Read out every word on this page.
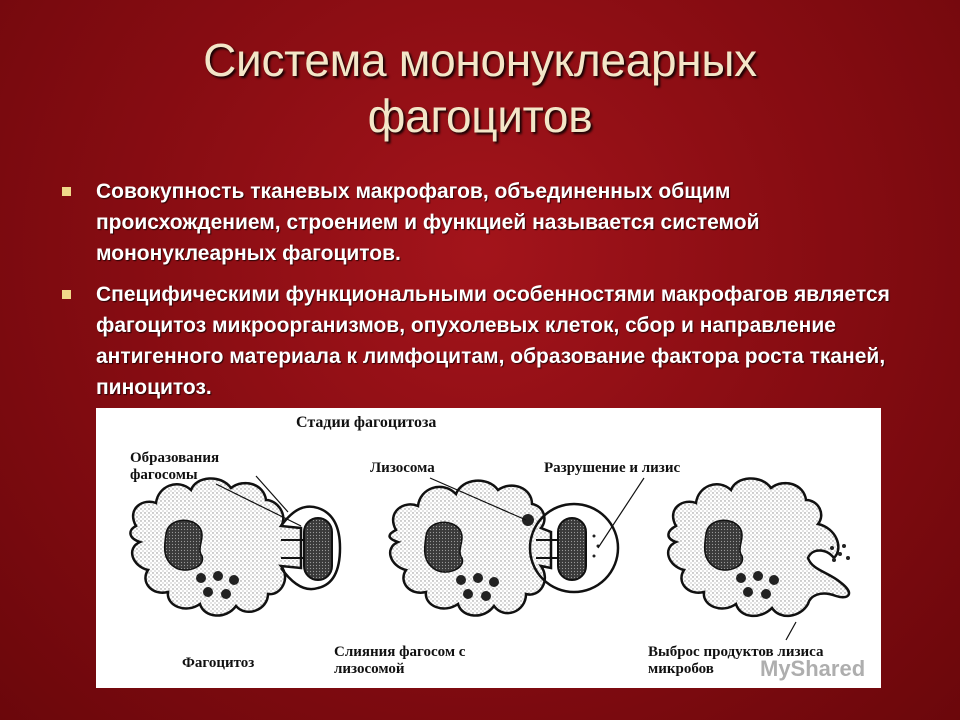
Система мононуклеарных
фагоцитов
Совокупность тканевых макрофагов, объединенных общим происхождением, строением и функцией называется системой мононуклеарных фагоцитов.
Специфическими функциональными особенностями макрофагов является фагоцитоз микроорганизмов, опухолевых клеток, сбор и направление антигенного материала к лимфоцитам, образование фактора роста тканей, пиноцитоз.
Стадии фагоцитоза
Образования фагосомы	Лизосома	Разрушение и лизис
Фагоцитоз
Слияния фагосом с лизосомой
Выброс продуктов лизиса микробов	MyShared
